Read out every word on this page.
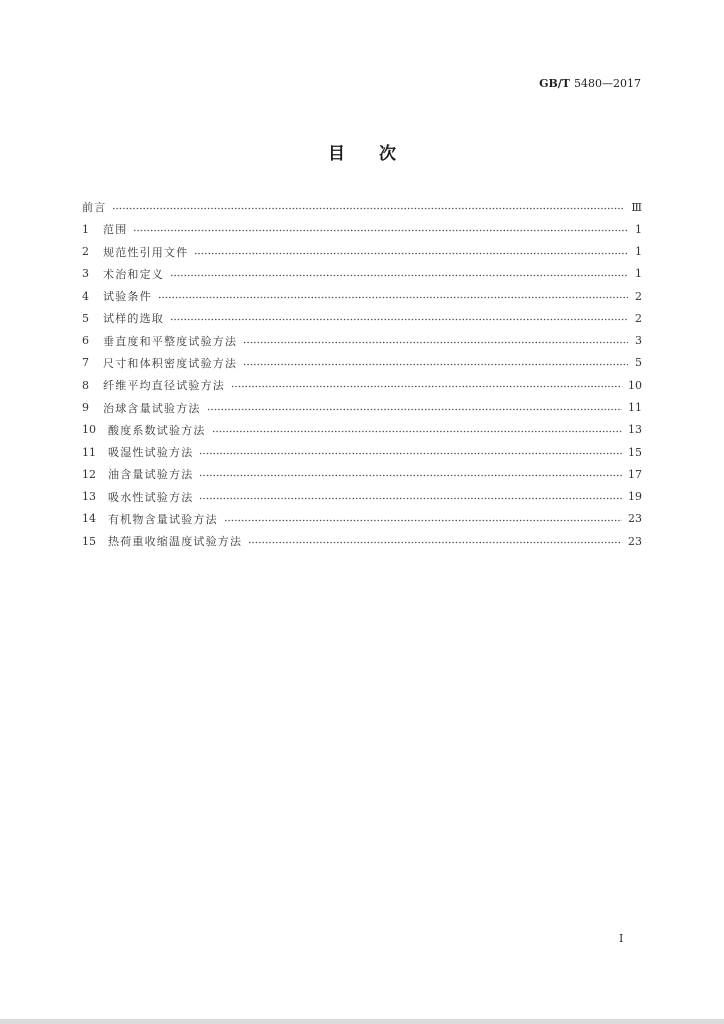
GB/T 5480—2017
目　　次
前言	Ⅲ
1	范围	1
2	规范性引用文件	1
3	术治和定义	1
4	试验条件	2
5	试样的选取	2
6	垂直度和平整度试验方法	3
7	尺寸和体积密度试验方法	5
8	纤维平均直径试验方法	10
9	治球含量试验方法	11
10	酸度系数试验方法	13
11	吸湿性试验方法	15
12	油含量试验方法	17
13	吸水性试验方法	19
14	有机物含量试验方法	23
15	热荷重收缩温度试验方法	23
I
